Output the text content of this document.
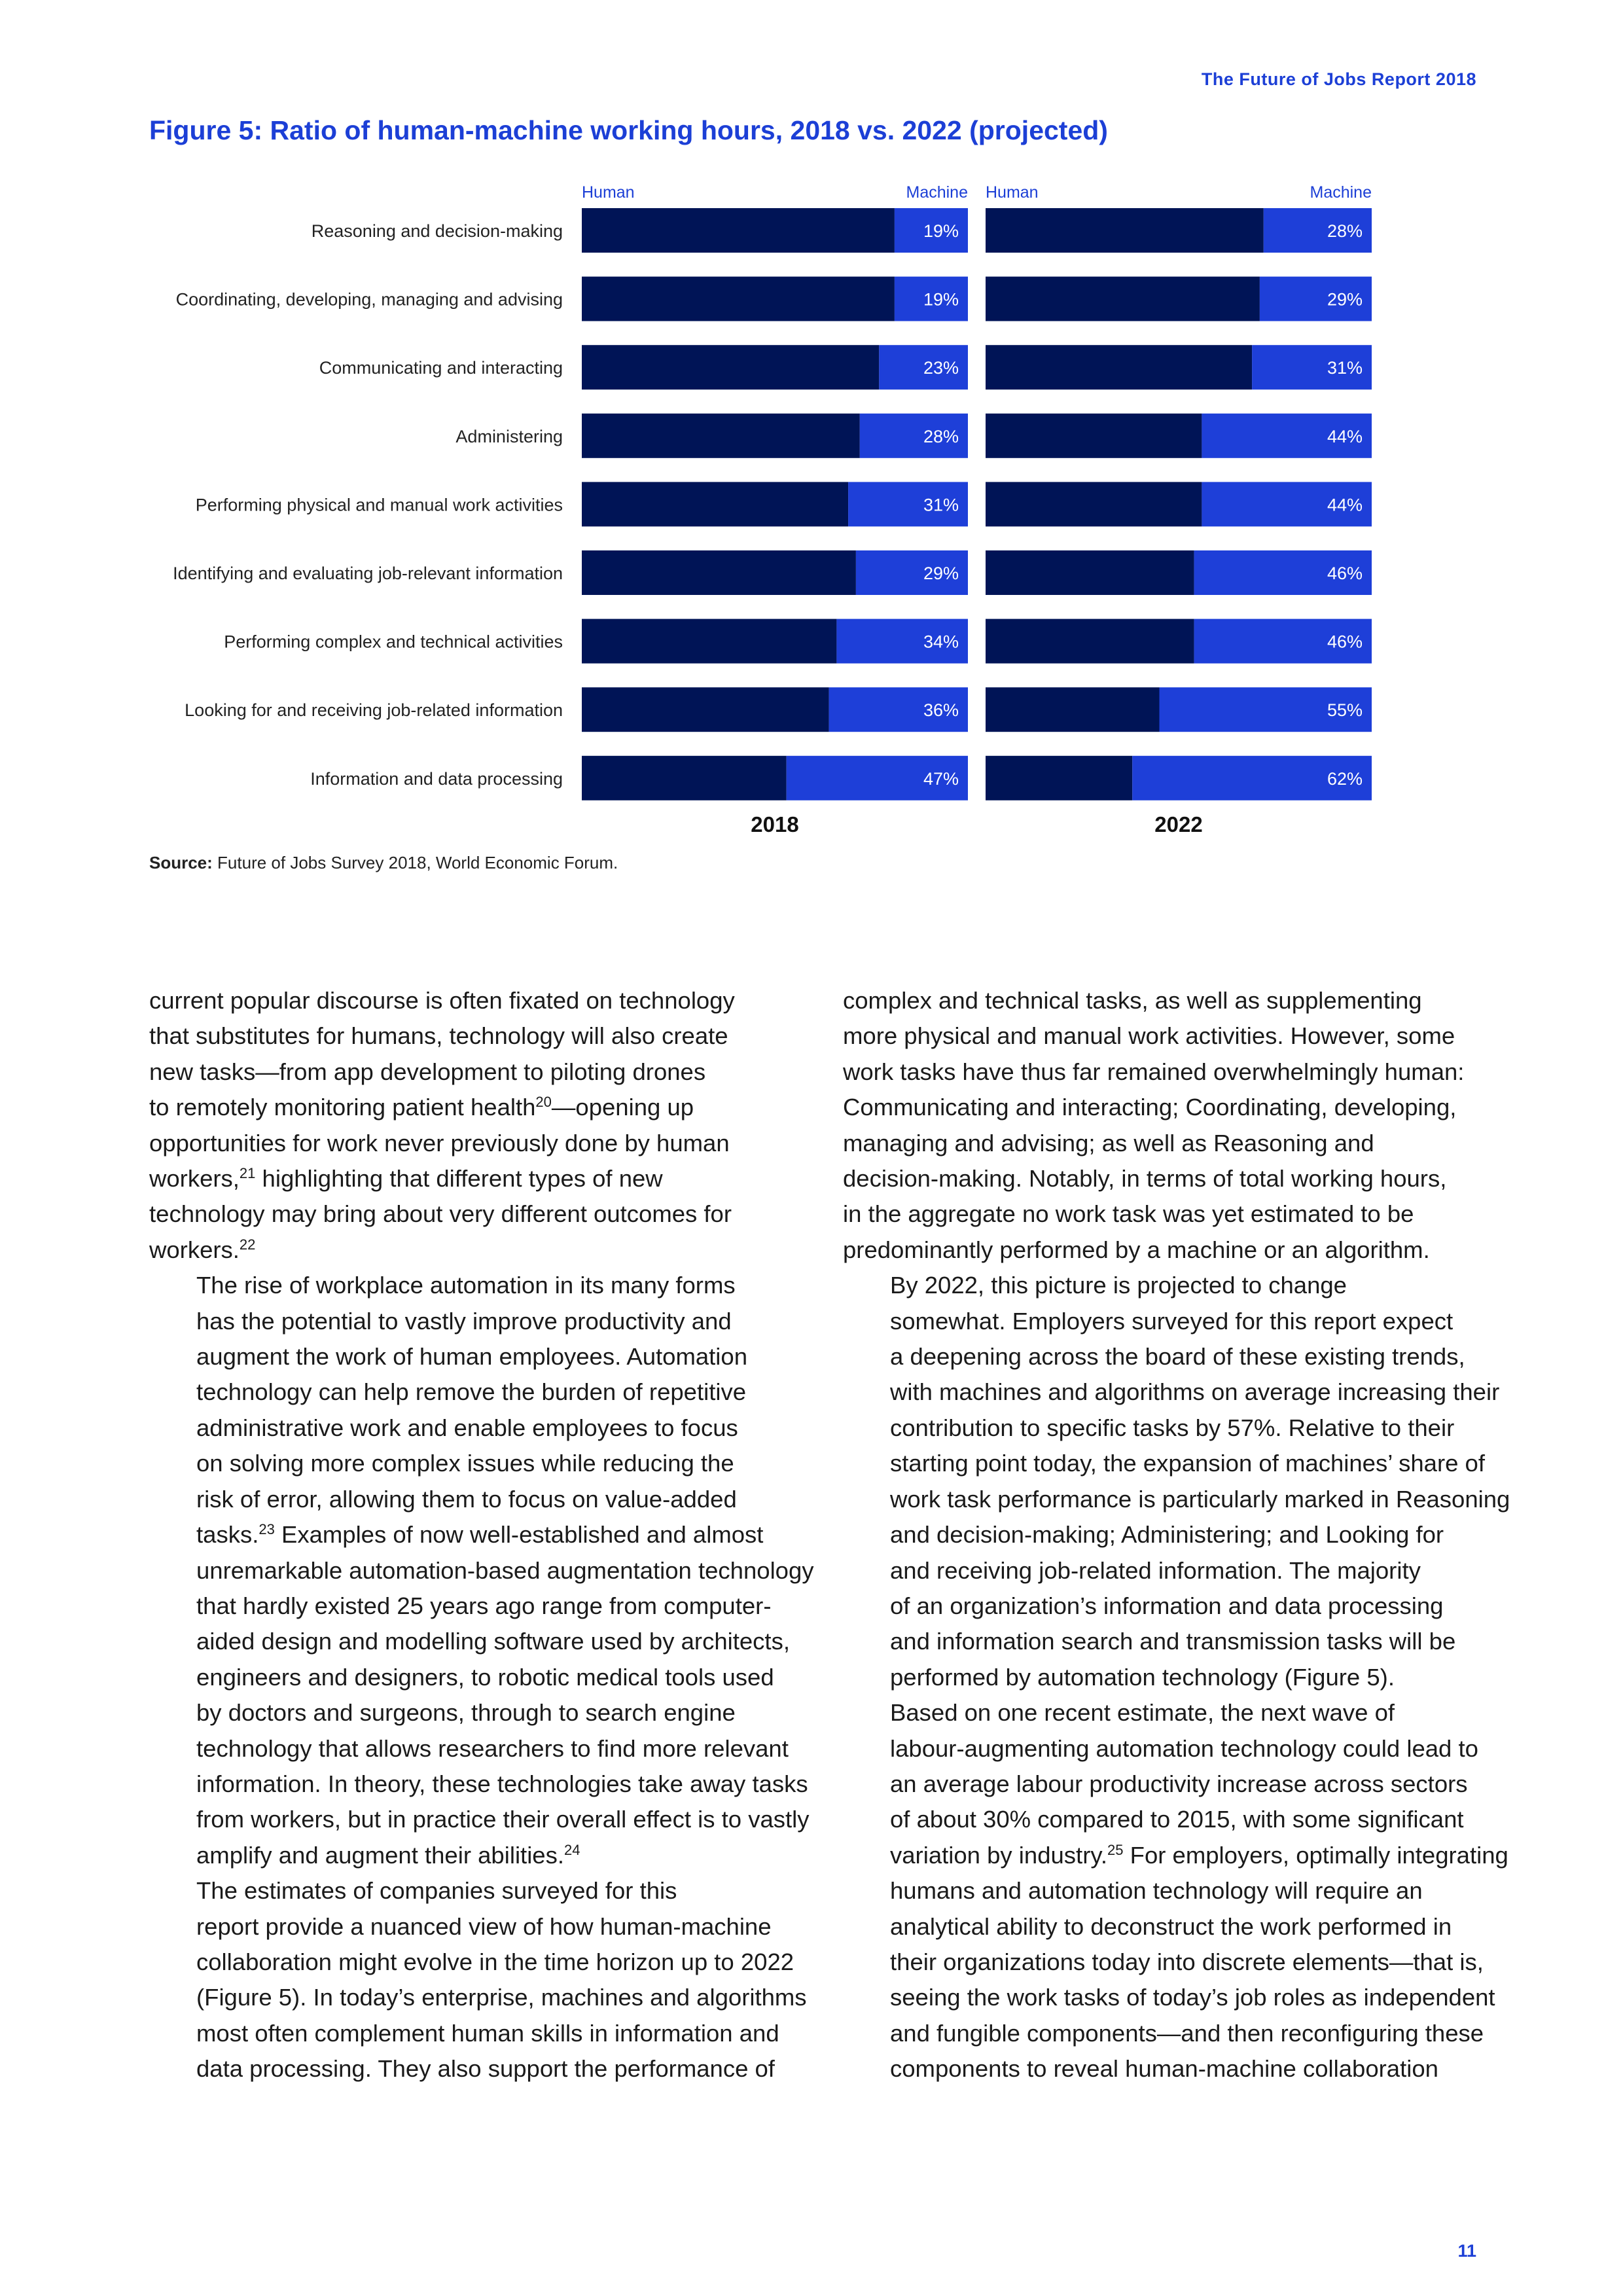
The Future of Jobs Report 2018
Figure 5: Ratio of human-machine working hours, 2018 vs. 2022 (projected)
Reasoning and decision-making
Coordinating, developing, managing and advising
Communicating and interacting
Administering
Performing physical and manual work activities
Identifying and evaluating job-relevant information
Performing complex and technical activities
Looking for and receiving job-related information
Information and data processing
Human	Machine
19%
19%
23%
28%
31%
29%
34%
36%
47%
2018
Human	Machine
28%
29%
31%
44%
44%
46%
46%
55%
62%
2022
Source: Future of Jobs Survey 2018, World Economic Forum.

current popular discourse is often fixated on technology
that substitutes for humans, technology will also create
new tasks—from app development to piloting drones
to remotely monitoring patient health$^{20}$—opening up
opportunities for work never previously done by human
workers,$^{21}$ highlighting that different types of new
technology may bring about very different outcomes for
workers.$^{22}$

The rise of workplace automation in its many forms
has the potential to vastly improve productivity and
augment the work of human employees. Automation
technology can help remove the burden of repetitive
administrative work and enable employees to focus
on solving more complex issues while reducing the
risk of error, allowing them to focus on value-added
tasks.$^{23}$ Examples of now well-established and almost
unremarkable automation-based augmentation technology
that hardly existed 25 years ago range from computer-
aided design and modelling software used by architects,
engineers and designers, to robotic medical tools used
by doctors and surgeons, through to search engine
technology that allows researchers to find more relevant
information. In theory, these technologies take away tasks
from workers, but in practice their overall effect is to vastly
amplify and augment their abilities.$^{24}$

The estimates of companies surveyed for this
report provide a nuanced view of how human-machine
collaboration might evolve in the time horizon up to 2022
(Figure 5). In today’s enterprise, machines and algorithms
most often complement human skills in information and
data processing. They also support the performance of

complex and technical tasks, as well as supplementing
more physical and manual work activities. However, some
work tasks have thus far remained overwhelmingly human:
Communicating and interacting; Coordinating, developing,
managing and advising; as well as Reasoning and
decision-making. Notably, in terms of total working hours,
in the aggregate no work task was yet estimated to be
predominantly performed by a machine or an algorithm.

By 2022, this picture is projected to change
somewhat. Employers surveyed for this report expect
a deepening across the board of these existing trends,
with machines and algorithms on average increasing their
contribution to specific tasks by 57%. Relative to their
starting point today, the expansion of machines’ share of
work task performance is particularly marked in Reasoning
and decision-making; Administering; and Looking for
and receiving job-related information. The majority
of an organization’s information and data processing
and information search and transmission tasks will be
performed by automation technology (Figure 5).

Based on one recent estimate, the next wave of
labour-augmenting automation technology could lead to
an average labour productivity increase across sectors
of about 30% compared to 2015, with some significant
variation by industry.$^{25}$ For employers, optimally integrating
humans and automation technology will require an
analytical ability to deconstruct the work performed in
their organizations today into discrete elements—that is,
seeing the work tasks of today’s job roles as independent
and fungible components—and then reconfiguring these
components to reveal human-machine collaboration

11
